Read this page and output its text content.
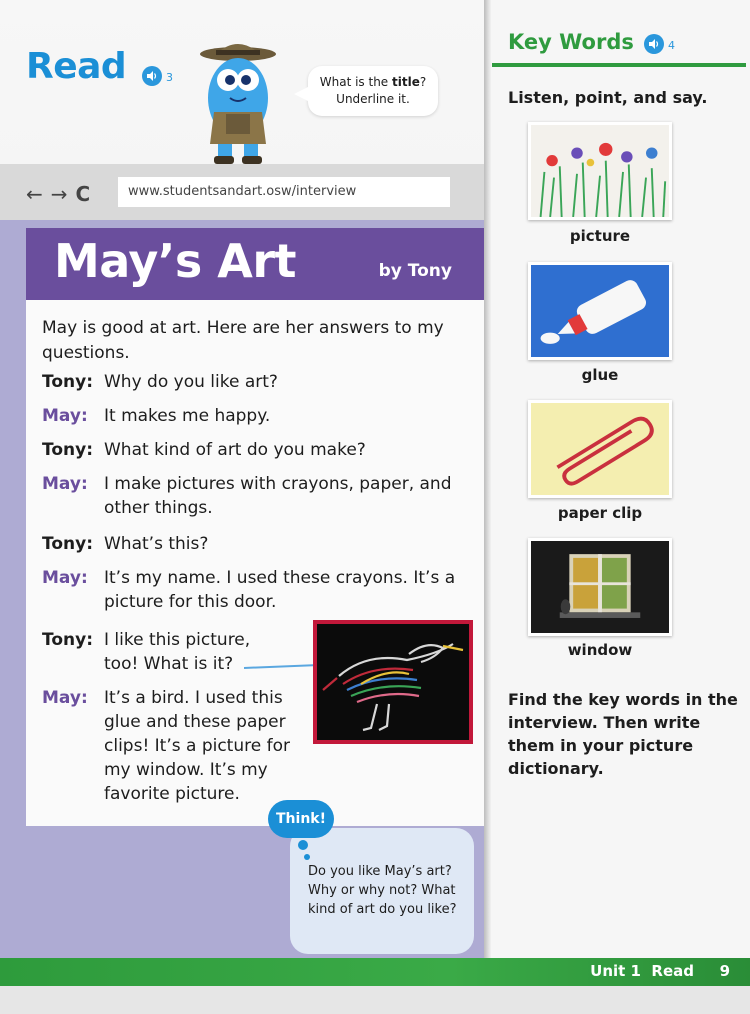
Read	3	What is the title?
Underline it.
← → C	www.studentsandart.osw/interview
May’s Art	by Tony
May is good at art. Here are her answers to my questions.
Tony: Why do you like art?
May: It makes me happy.
Tony: What kind of art do you make?
May: I make pictures with crayons, paper, and other things.
Tony: What’s this?
May: It’s my name. I used these crayons. It’s a picture for this door.
Tony: I like this picture, too! What is it?
May: It’s a bird. I used this glue and these paper clips! It’s a picture for my window. It’s my favorite picture.
Do you like May’s art? Why or why not? What kind of art do you like?
Think!
Key Words	4
Listen, point, and say.
picture
glue
paper clip
window
Find the key words in the interview. Then write them in your picture dictionary.
Unit 1  Read 9
